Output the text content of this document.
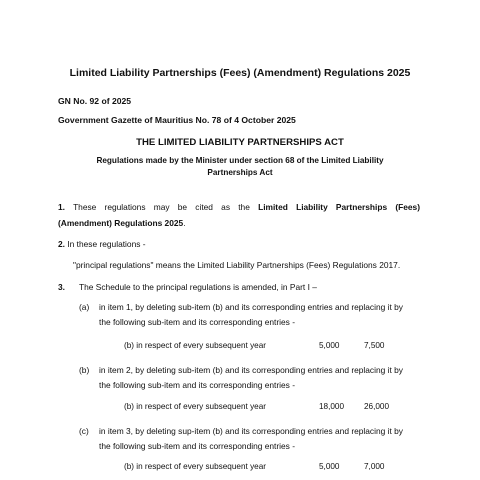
Limited Liability Partnerships (Fees) (Amendment) Regulations 2025
GN No. 92 of 2025
Government Gazette of Mauritius No. 78 of 4 October 2025
THE LIMITED LIABILITY PARTNERSHIPS ACT
Regulations made by the Minister under section 68 of the Limited Liability
Partnerships Act
1. These regulations may be cited as the Limited Liability Partnerships (Fees)
(Amendment) Regulations 2025.
2. In these regulations -
"principal regulations" means the Limited Liability Partnerships (Fees) Regulations 2017.
3. The Schedule to the principal regulations is amended, in Part I –
(a) in item 1, by deleting sub-item (b) and its corresponding entries and replacing it by
the following sub-item and its corresponding entries -
(b) in respect of every subsequent year	5,000	7,500
(b) in item 2, by deleting sub-item (b) and its corresponding entries and replacing it by
the following sub-item and its corresponding entries -
(b) in respect of every subsequent year	18,000 26,000
(c) in item 3, by deleting sup-item (b) and its corresponding entries and replacing it by
the following sub-item and its corresponding entries -
(b) in respect of every subsequent year	5,000	7,000
